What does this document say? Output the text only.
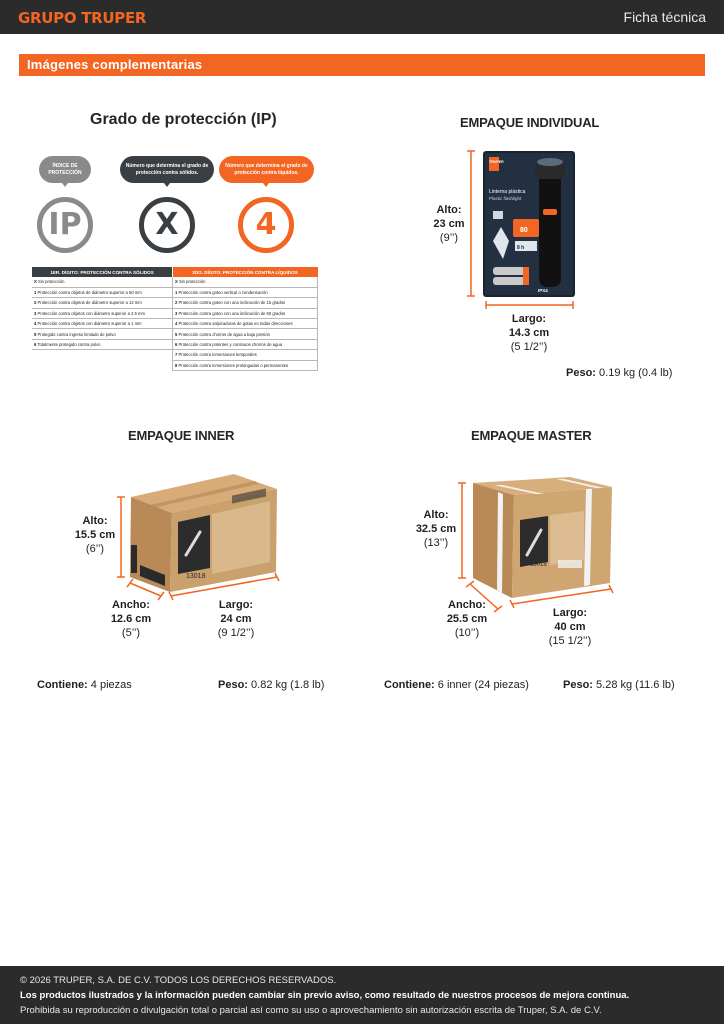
GRUPO TRUPER	Ficha técnica
Imágenes complementarias
Grado de protección (IP)
ÍNDICE DE PROTECCIÓN
Número que determina el grado de protección contra sólidos.
Número que determina el grado de protección contra líquidos.
IP	X	4
1ER. DÍGITO: PROTECCIÓN CONTRA SÓLIDOS
X Sin protección
1 Protección contra objetos de diámetro superior a 50 mm
2 Protección contra objetos de diámetro superior a 12 mm
3 Protección contra objetos con diámetro superior a 2.5 mm
4 Protección contra objetos con diámetro superior a 1 mm
5 Protegido contra ingreso limitado de polvo
6 Totalmente protegido contra polvo
2DO. DÍGITO: PROTECCIÓN CONTRA LÍQUIDOS
X Sin protección
1 Protección contra goteo vertical o condensación
2 Protección contra goteo con una inclinación de 15 grados
3 Protección contra goteo con una inclinación de 60 grados
4 Protección contra salpicaduras de gotas en todas direcciones
5 Protección contra chorros de agua a baja presión
6 Protección contra potentes y continuos chorros de agua
7 Protección contra inmersiones temporales
8 Protección contra inmersiones prolongadas o permanentes
EMPAQUE INDIVIDUAL
Linterna plástica
Plastic flashlight
80
8 h
IPX4
TRUPER
Alto:
23 cm
(9’’)
Largo:
14.3 cm
(5 1/2’’)
Peso: 0.19 kg (0.4 lb)
EMPAQUE INNER
13018
Alto:
15.5 cm
(6’’)
Ancho:
12.6 cm
(5’’)
Largo:
24 cm
(9 1/2’’)
Contiene: 4 piezas	Peso: 0.82 kg (1.8 lb)
EMPAQUE MASTER
13018
Alto:
32.5 cm
(13’’)
Ancho:
25.5 cm
(10’’)
Largo:
40 cm
(15 1/2’’)
Contiene: 6 inner (24 piezas)	Peso: 5.28 kg (11.6 lb)
© 2026 TRUPER, S.A. DE C.V. TODOS LOS DERECHOS RESERVADOS.
Los productos ilustrados y la información pueden cambiar sin previo aviso, como resultado de nuestros procesos de mejora continua.
Prohibida su reproducción o divulgación total o parcial así como su uso o aprovechamiento sin autorización escrita de Truper, S.A. de C.V.
